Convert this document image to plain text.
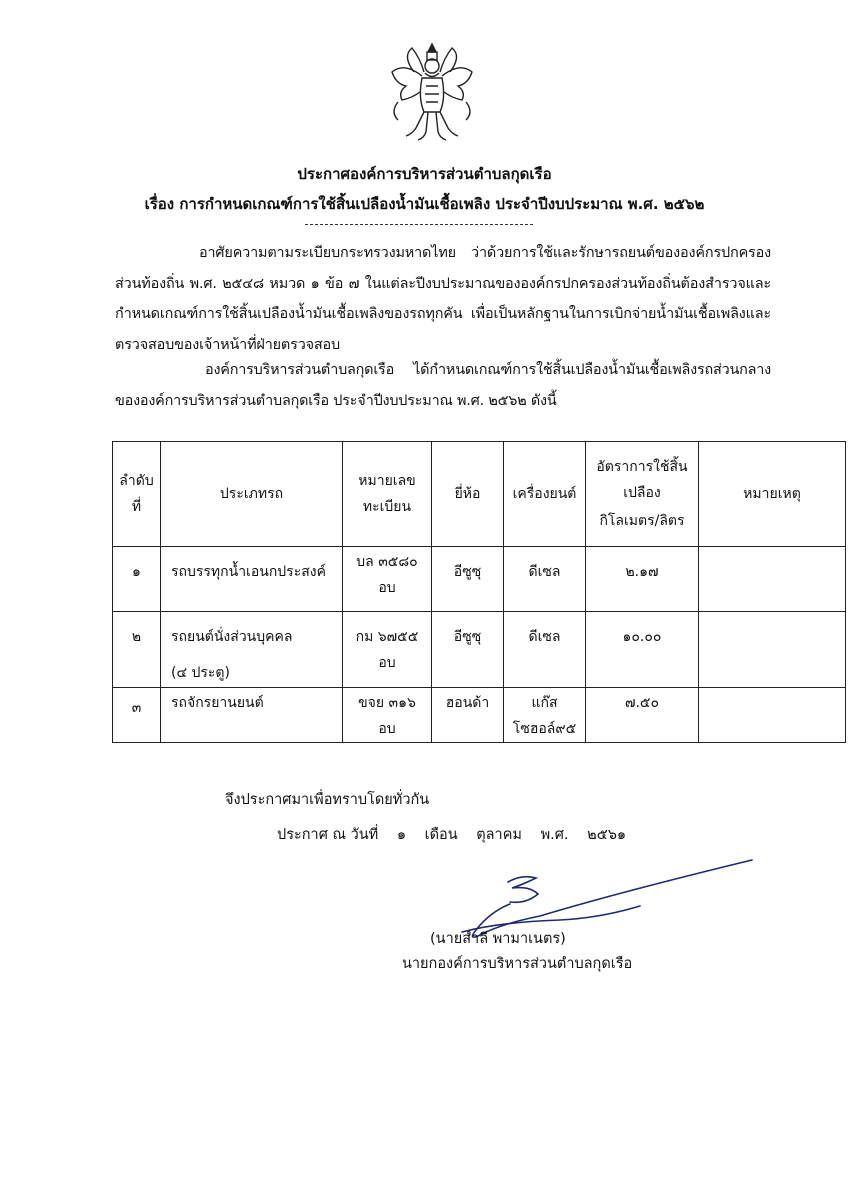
ประกาศองค์การบริหารส่วนตำบลกุดเรือ

เรื่อง การกำหนดเกณฑ์การใช้สิ้นเปลืองน้ำมันเชื้อเพลิง ประจำปีงบประมาณ พ.ศ. ๒๕๖๒

อาศัยความตามระเบียบกระทรวงมหาดไทย ว่าด้วยการใช้และรักษารถยนต์ขององค์กรปกครองส่วนท้องถิ่น พ.ศ. ๒๕๔๘ หมวด ๑ ข้อ ๗ ในแต่ละปีงบประมาณขององค์กรปกครองส่วนท้องถิ่นต้องสำรวจและกำหนดเกณฑ์การใช้สิ้นเปลืองน้ำมันเชื้อเพลิงของรถทุกคัน เพื่อเป็นหลักฐานในการเบิกจ่ายน้ำมันเชื้อเพลิงและตรวจสอบของเจ้าหน้าที่ฝ่ายตรวจสอบ

องค์การบริหารส่วนตำบลกุดเรือ ได้กำหนดเกณฑ์การใช้สิ้นเปลืองน้ำมันเชื้อเพลิงรถส่วนกลางขององค์การบริหารส่วนตำบลกุดเรือ ประจำปีงบประมาณ พ.ศ. ๒๕๖๒ ดังนี้

ลำดับที่	ประเภทรถ	หมายเลขทะเบียน	ยี่ห้อ	เครื่องยนต์	อัตราการใช้สิ้นเปลือง
กิโลเมตร/ลิตร	หมายเหตุ

๑	รถบรรทุกน้ำเอนกประสงค์	บล ๓๕๘๐
อบ	อีซูซุ	ดีเซล	๒.๑๗	

๒	รถยนต์นั่งส่วนบุคคล
(๔ ประตู)	กม ๖๗๕๕
อบ	อีซูซุ	ดีเซล	๑๐.๐๐	

๓	รถจักรยานยนต์	ขจย ๓๑๖
อบ	ฮอนด้า	แก๊ส
โซฮอล์๙๕	๗.๕๐	

จึงประกาศมาเพื่อทราบโดยทั่วกัน

ประกาศ ณ วันที่ ๑ เดือน ตุลาคม พ.ศ. ๒๕๖๑

(นายสำลี พามาเนตร)

นายกองค์การบริหารส่วนตำบลกุดเรือ
